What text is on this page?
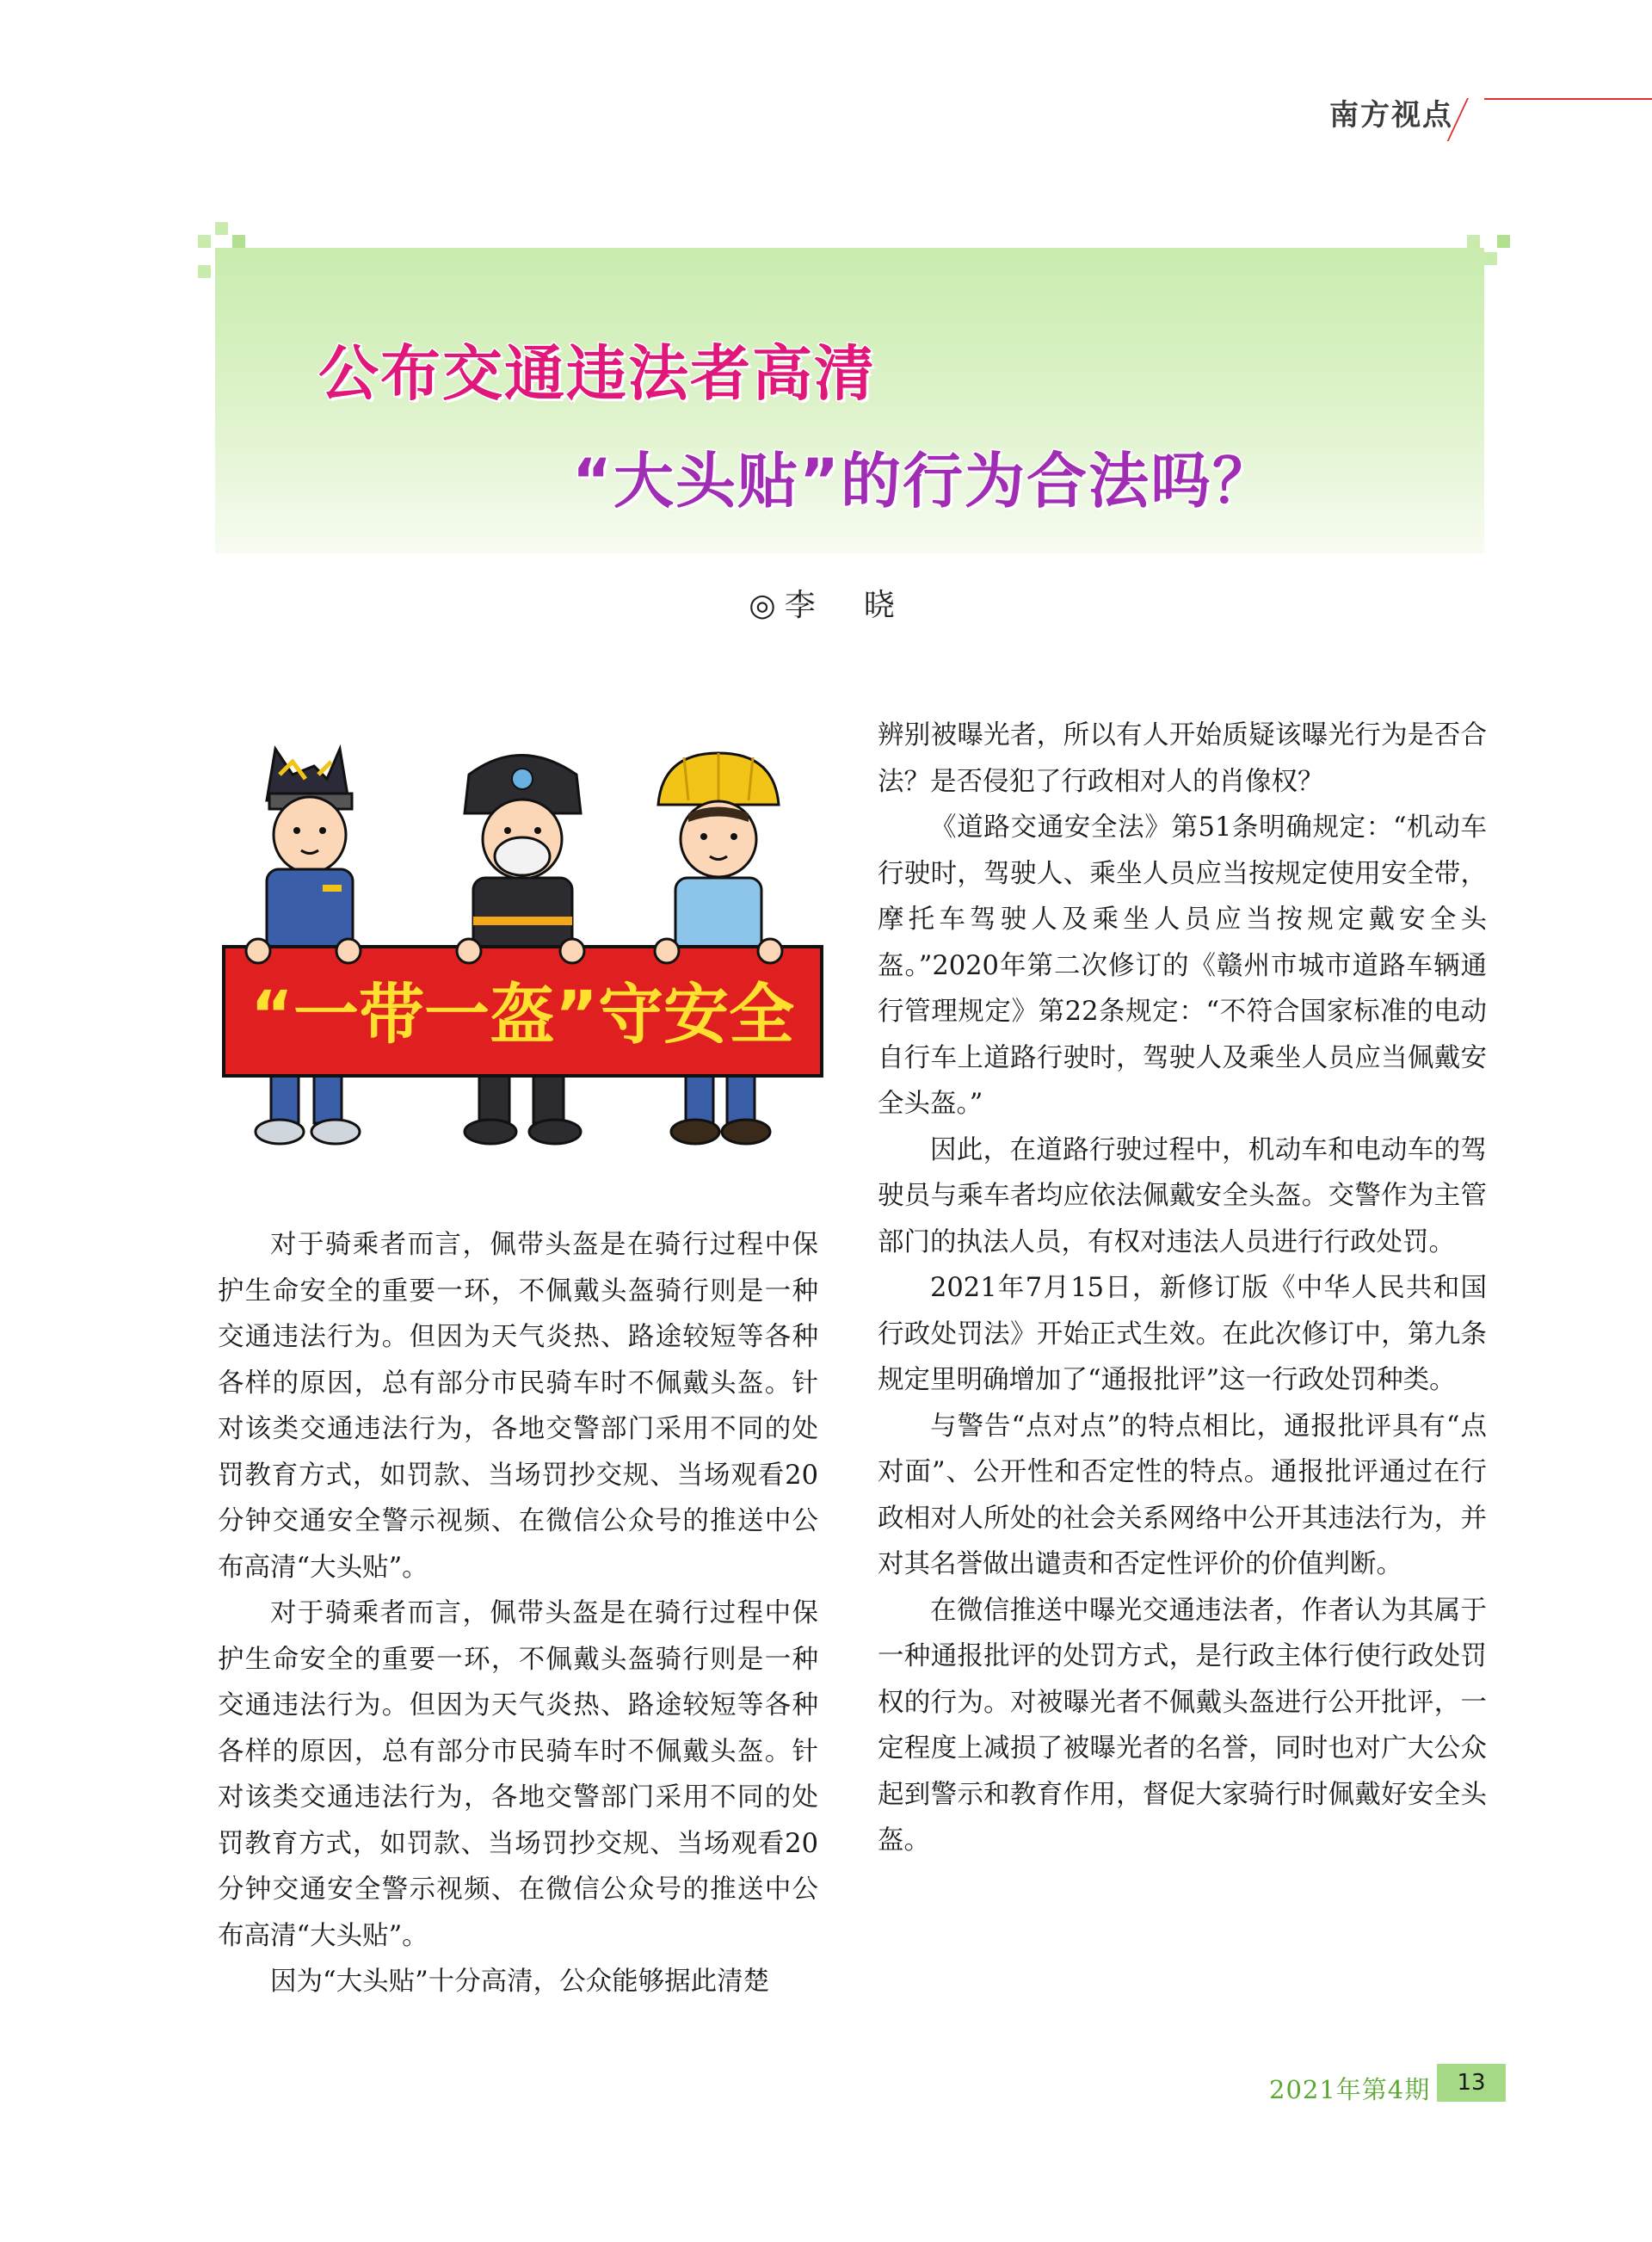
南方视点
公布交通违法者高清
“大头贴”的行为合法吗？
◎李　晓
“一带一盔”守安全

对于骑乘者而言，佩带头盔是在骑行过程中保护生命安全的重要一环，不佩戴头盔骑行则是一种交通违法行为。但因为天气炎热、路途较短等各种各样的原因，总有部分市民骑车时不佩戴头盔。针对该类交通违法行为，各地交警部门采用不同的处罚教育方式，如罚款、当场罚抄交规、当场观看20分钟交通安全警示视频、在微信公众号的推送中公布高清“大头贴”。

对于骑乘者而言，佩带头盔是在骑行过程中保护生命安全的重要一环，不佩戴头盔骑行则是一种交通违法行为。但因为天气炎热、路途较短等各种各样的原因，总有部分市民骑车时不佩戴头盔。针对该类交通违法行为，各地交警部门采用不同的处罚教育方式，如罚款、当场罚抄交规、当场观看20分钟交通安全警示视频、在微信公众号的推送中公布高清“大头贴”。

因为“大头贴”十分高清，公众能够据此清楚

辨别被曝光者，所以有人开始质疑该曝光行为是否合法？是否侵犯了行政相对人的肖像权？

《道路交通安全法》第51条明确规定：“机动车行驶时，驾驶人、乘坐人员应当按规定使用安全带，摩托车驾驶人及乘坐人员应当按规定戴安全头盔。”2020年第二次修订的《赣州市城市道路车辆通行管理规定》第22条规定：“不符合国家标准的电动自行车上道路行驶时，驾驶人及乘坐人员应当佩戴安全头盔。”

因此，在道路行驶过程中，机动车和电动车的驾驶员与乘车者均应依法佩戴安全头盔。交警作为主管部门的执法人员，有权对违法人员进行行政处罚。

2021年7月15日，新修订版《中华人民共和国行政处罚法》开始正式生效。在此次修订中，第九条规定里明确增加了“通报批评”这一行政处罚种类。

与警告“点对点”的特点相比，通报批评具有“点对面”、公开性和否定性的特点。通报批评通过在行政相对人所处的社会关系网络中公开其违法行为，并对其名誉做出谴责和否定性评价的价值判断。

在微信推送中曝光交通违法者，作者认为其属于一种通报批评的处罚方式，是行政主体行使行政处罚权的行为。对被曝光者不佩戴头盔进行公开批评，一定程度上减损了被曝光者的名誉，同时也对广大公众起到警示和教育作用，督促大家骑行时佩戴好安全头盔。

2021年第4期	13
